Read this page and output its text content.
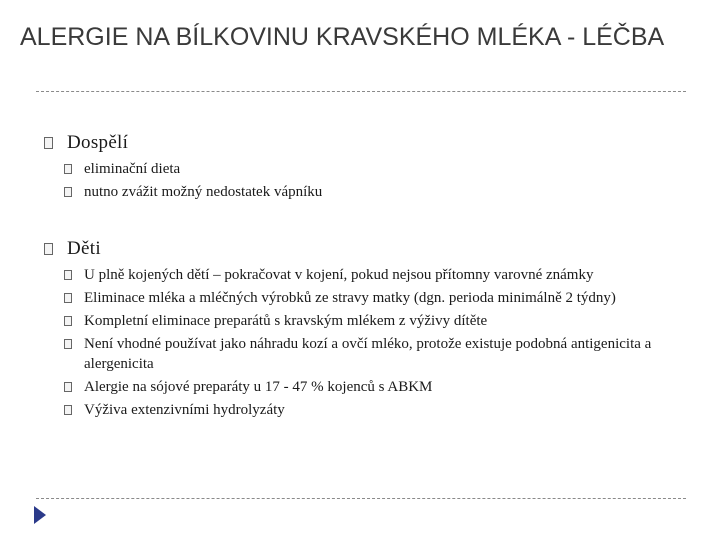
ALERGIE NA BÍLKOVINU KRAVSKÉHO MLÉKA - LÉČBA
Dospělí
eliminační dieta
nutno zvážit možný nedostatek vápníku
Děti
U plně kojených dětí – pokračovat v kojení, pokud nejsou přítomny varovné známky
Eliminace mléka a mléčných výrobků ze stravy matky (dgn. perioda minimálně 2 týdny)
Kompletní eliminace preparátů s kravským mlékem z výživy dítěte
Není vhodné používat jako náhradu kozí a ovčí mléko, protože existuje podobná antigenicita a alergenicita
Alergie na sójové preparáty u 17 - 47 % kojenců s ABKM
Výživa extenzivními hydrolyzáty
